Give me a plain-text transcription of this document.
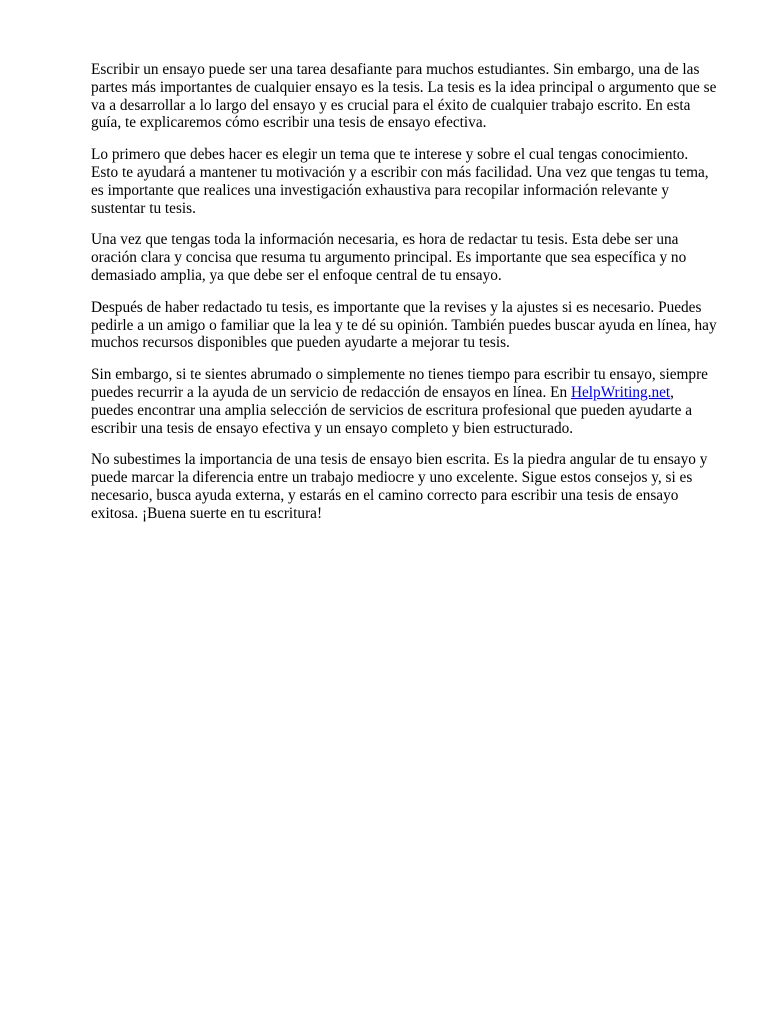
Escribir un ensayo puede ser una tarea desafiante para muchos estudiantes. Sin embargo, una de las partes más importantes de cualquier ensayo es la tesis. La tesis es la idea principal o argumento que se va a desarrollar a lo largo del ensayo y es crucial para el éxito de cualquier trabajo escrito. En esta guía, te explicaremos cómo escribir una tesis de ensayo efectiva.

Lo primero que debes hacer es elegir un tema que te interese y sobre el cual tengas conocimiento. Esto te ayudará a mantener tu motivación y a escribir con más facilidad. Una vez que tengas tu tema, es importante que realices una investigación exhaustiva para recopilar información relevante y sustentar tu tesis.

Una vez que tengas toda la información necesaria, es hora de redactar tu tesis. Esta debe ser una oración clara y concisa que resuma tu argumento principal. Es importante que sea específica y no demasiado amplia, ya que debe ser el enfoque central de tu ensayo.

Después de haber redactado tu tesis, es importante que la revises y la ajustes si es necesario. Puedes pedirle a un amigo o familiar que la lea y te dé su opinión. También puedes buscar ayuda en línea, hay muchos recursos disponibles que pueden ayudarte a mejorar tu tesis.

Sin embargo, si te sientes abrumado o simplemente no tienes tiempo para escribir tu ensayo, siempre puedes recurrir a la ayuda de un servicio de redacción de ensayos en línea. En HelpWriting.net, puedes encontrar una amplia selección de servicios de escritura profesional que pueden ayudarte a escribir una tesis de ensayo efectiva y un ensayo completo y bien estructurado.

No subestimes la importancia de una tesis de ensayo bien escrita. Es la piedra angular de tu ensayo y puede marcar la diferencia entre un trabajo mediocre y uno excelente. Sigue estos consejos y, si es necesario, busca ayuda externa, y estarás en el camino correcto para escribir una tesis de ensayo exitosa. ¡Buena suerte en tu escritura!
